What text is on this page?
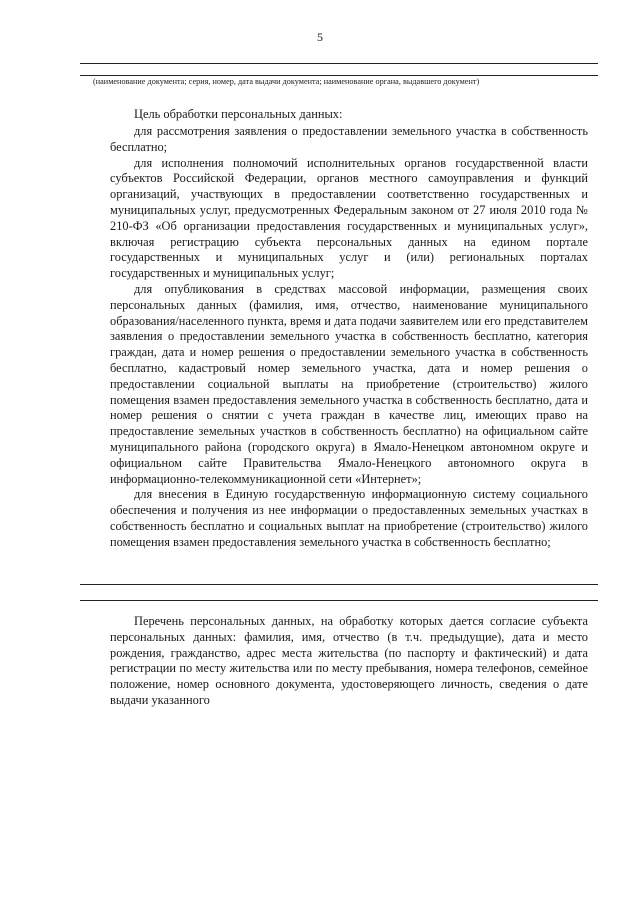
5
(наименование документа; серия, номер, дата выдачи документа; наименование органа, выдавшего документ)
Цель обработки персональных данных:

для рассмотрения заявления о предоставлении земельного участка в собственность бесплатно;

для исполнения полномочий исполнительных органов государственной власти субъектов Российской Федерации, органов местного самоуправления и функций организаций, участвующих в предоставлении соответственно государственных и муниципальных услуг, предусмотренных Федеральным законом от 27 июля 2010 года № 210-ФЗ «Об организации предоставления государственных и муниципальных услуг», включая регистрацию субъекта персональных данных на едином портале государственных и муниципальных услуг и (или) региональных порталах государственных и муниципальных услуг;

для опубликования в средствах массовой информации, размещения своих персональных данных (фамилия, имя, отчество, наименование муниципального образования/населенного пункта, время и дата подачи заявителем или его представителем заявления о предоставлении земельного участка в собственность бесплатно, категория граждан, дата и номер решения о предоставлении земельного участка в собственность бесплатно, кадастровый номер земельного участка, дата и номер решения о предоставлении социальной выплаты на приобретение (строительство) жилого помещения взамен предоставления земельного участка в собственность бесплатно, дата и номер решения о снятии с учета граждан в качестве лиц, имеющих право на предоставление земельных участков в собственность бесплатно) на официальном сайте муниципального района (городского округа) в Ямало-Ненецком автономном округе и официальном сайте Правительства Ямало-Ненецкого автономного округа в информационно-телекоммуникационной сети «Интернет»;

для внесения в Единую государственную информационную систему социального обеспечения и получения из нее информации о предоставленных земельных участках в собственность бесплатно и социальных выплат на приобретение (строительство) жилого помещения взамен предоставления земельного участка в собственность бесплатно;

Перечень персональных данных, на обработку которых дается согласие субъекта персональных данных: фамилия, имя, отчество (в т.ч. предыдущие), дата и место рождения, гражданство, адрес места жительства (по паспорту и фактический) и дата регистрации по месту жительства или по месту пребывания, номера телефонов, семейное положение, номер основного документа, удостоверяющего личность, сведения о дате выдачи указанного
